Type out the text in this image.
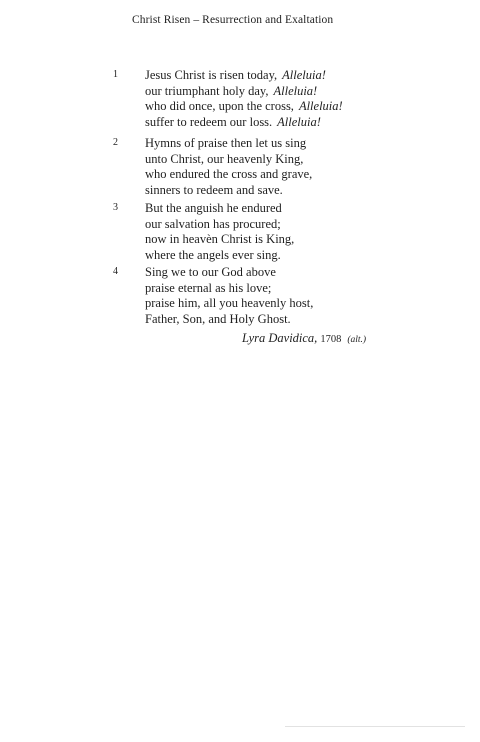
Christ Risen – Resurrection and Exaltation
1 Jesus Christ is risen today, Alleluia!
our triumphant holy day, Alleluia!
who did once, upon the cross, Alleluia!
suffer to redeem our loss. Alleluia!
2 Hymns of praise then let us sing
unto Christ, our heavenly King,
who endured the cross and grave,
sinners to redeem and save.
3 But the anguish he endured
our salvation has procured;
now in heavèn Christ is King,
where the angels ever sing.
4 Sing we to our God above
praise eternal as his love;
praise him, all you heavenly host,
Father, Son, and Holy Ghost.
Lyra Davidica, 1708 (alt.)
